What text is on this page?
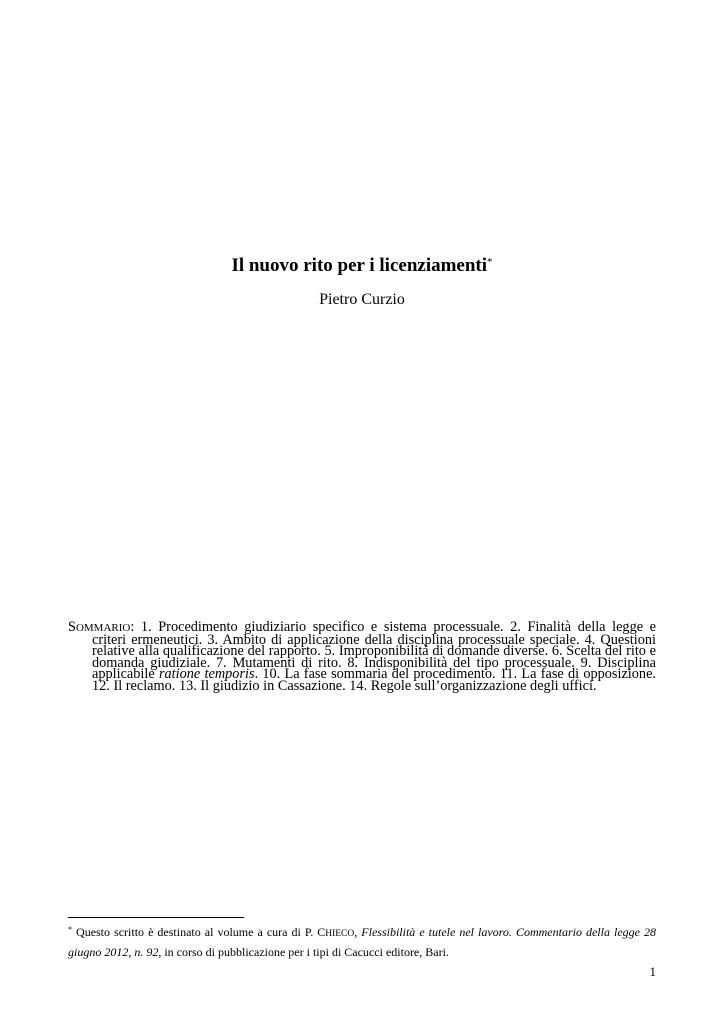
Il nuovo rito per i licenziamenti*
Pietro Curzio
SOMMARIO: 1. Procedimento giudiziario specifico e sistema processuale. 2. Finalità della legge e criteri ermeneutici. 3. Ambito di applicazione della disciplina processuale speciale. 4. Questioni relative alla qualificazione del rapporto. 5. Improponibilità di domande diverse. 6. Scelta del rito e domanda giudiziale. 7. Mutamenti di rito. 8. Indisponibilità del tipo processuale. 9. Disciplina applicabile ratione temporis. 10. La fase sommaria del procedimento. 11. La fase di opposizione. 12. Il reclamo. 13. Il giudizio in Cassazione. 14. Regole sull’organizzazione degli uffici.
* Questo scritto è destinato al volume a cura di P. CHIECO, Flessibilità e tutele nel lavoro. Commentario della legge 28 giugno 2012, n. 92, in corso di pubblicazione per i tipi di Cacucci editore, Bari.
1
